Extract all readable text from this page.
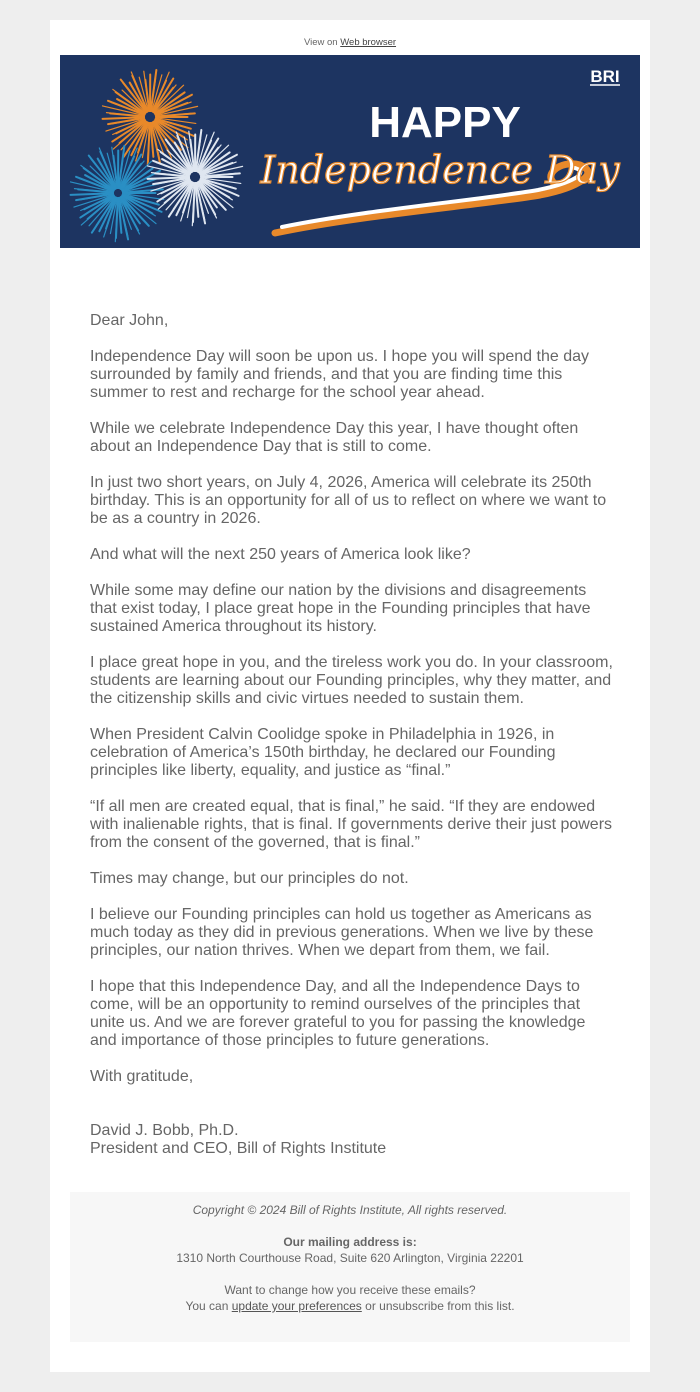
View on Web browser
HAPPY
Independence Day
BRI

Dear John,

Independence Day will soon be upon us. I hope you will spend the day surrounded by family and friends, and that you are finding time this summer to rest and recharge for the school year ahead.

While we celebrate Independence Day this year, I have thought often about an Independence Day that is still to come.

In just two short years, on July 4, 2026, America will celebrate its 250th birthday. This is an opportunity for all of us to reflect on where we want to be as a country in 2026.

And what will the next 250 years of America look like?

While some may define our nation by the divisions and disagreements that exist today, I place great hope in the Founding principles that have sustained America throughout its history.

I place great hope in you, and the tireless work you do. In your classroom, students are learning about our Founding principles, why they matter, and the citizenship skills and civic virtues needed to sustain them.

When President Calvin Coolidge spoke in Philadelphia in 1926, in celebration of America’s 150th birthday, he declared our Founding principles like liberty, equality, and justice as “final.”

“If all men are created equal, that is final,” he said. “If they are endowed with inalienable rights, that is final. If governments derive their just powers from the consent of the governed, that is final.”

Times may change, but our principles do not.

I believe our Founding principles can hold us together as Americans as much today as they did in previous generations. When we live by these principles, our nation thrives. When we depart from them, we fail.

I hope that this Independence Day, and all the Independence Days to come, will be an opportunity to remind ourselves of the principles that unite us. And we are forever grateful to you for passing the knowledge and importance of those principles to future generations.

With gratitude,

David J. Bobb, Ph.D.
President and CEO, Bill of Rights Institute
Copyright © 2024 Bill of Rights Institute, All rights reserved.
Our mailing address is:
1310 North Courthouse Road, Suite 620 Arlington, Virginia 22201
Want to change how you receive these emails?
You can update your preferences or unsubscribe from this list.
